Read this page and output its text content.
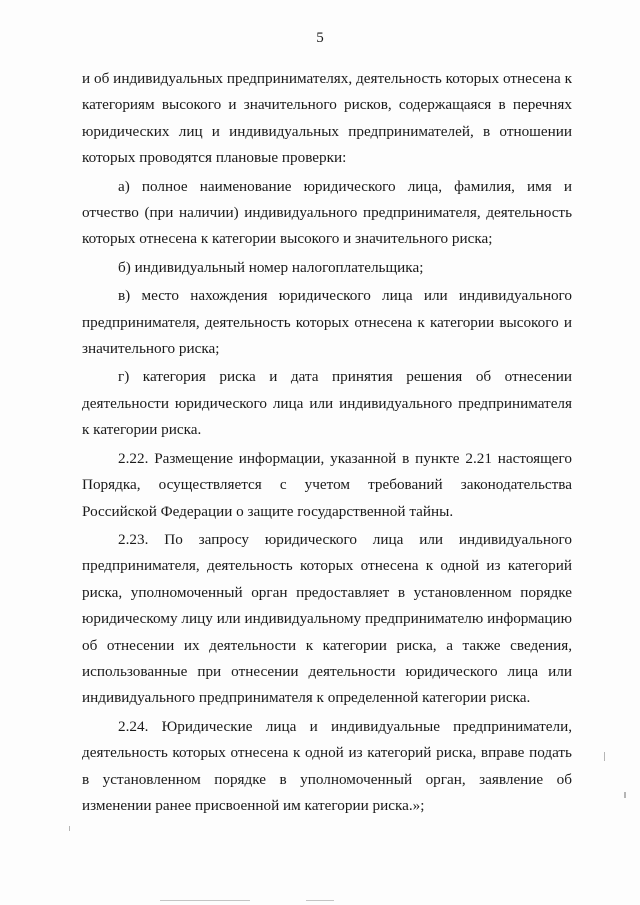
5

и об индивидуальных предпринимателях, деятельность которых отнесена к категориям высокого и значительного рисков, содержащаяся в перечнях юридических лиц и индивидуальных предпринимателей, в отношении которых проводятся плановые проверки:

а) полное наименование юридического лица, фамилия, имя и отчество (при наличии) индивидуального предпринимателя, деятельность которых отнесена к категории высокого и значительного риска;

б) индивидуальный номер налогоплательщика;

в) место нахождения юридического лица или индивидуального предпринимателя, деятельность которых отнесена к категории высокого и значительного риска;

г) категория риска и дата принятия решения об отнесении деятельности юридического лица или индивидуального предпринимателя к категории риска.

2.22. Размещение информации, указанной в пункте 2.21 настоящего Порядка, осуществляется с учетом требований законодательства Российской Федерации о защите государственной тайны.

2.23. По запросу юридического лица или индивидуального предпринимателя, деятельность которых отнесена к одной из категорий риска, уполномоченный орган предоставляет в установленном порядке юридическому лицу или индивидуальному предпринимателю информацию об отнесении их деятельности к категории риска, а также сведения, использованные при отнесении деятельности юридического лица или индивидуального предпринимателя к определенной категории риска.

2.24. Юридические лица и индивидуальные предприниматели, деятельность которых отнесена к одной из категорий риска, вправе подать в установленном порядке в уполномоченный орган, заявление об изменении ранее присвоенной им категории риска.»;
